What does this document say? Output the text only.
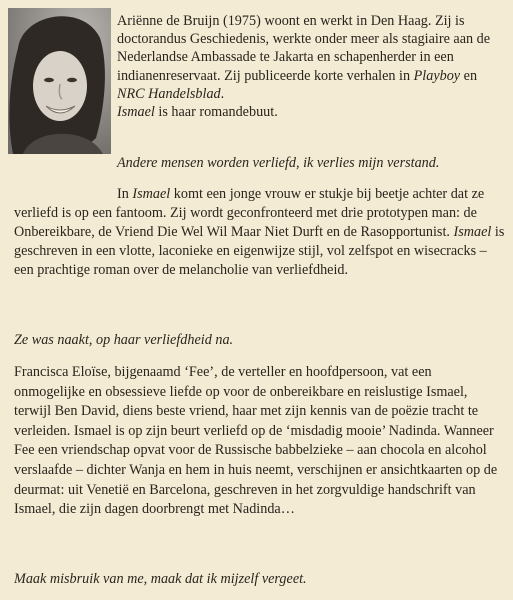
Ariënne de Bruijn (1975) woont en werkt in Den Haag. Zij is doctorandus Geschiedenis, werkte onder meer als stagiaire aan de Nederlandse Ambassade te Jakarta en schapenherder in een indianenreservaat. Zij publiceerde korte verhalen in Playboy en NRC Handelsblad.
Ismael is haar romandebuut.

Andere mensen worden verliefd, ik verlies mijn verstand.

In Ismael komt een jonge vrouw er stukje bij beetje achter dat ze verliefd is op een fantoom. Zij wordt geconfronteerd met drie prototypen man: de Onbereikbare, de Vriend Die Wel Wil Maar Niet Durft en de Rasopportunist. Ismael is geschreven in een vlotte, laconieke en eigenwijze stijl, vol zelfspot en wisecracks – een prachtige roman over de melancholie van verliefdheid.

Ze was naakt, op haar verliefdheid na.

Francisca Eloïse, bijgenaamd ‘Fee’, de verteller en hoofdpersoon, vat een onmogelijke en obsessieve liefde op voor de onbereikbare en reislustige Ismael, terwijl Ben David, diens beste vriend, haar met zijn kennis van de poëzie tracht te verleiden. Ismael is op zijn beurt verliefd op de ‘misdadig mooie’ Nadinda. Wanneer Fee een vriendschap opvat voor de Russische babbelzieke – aan chocola en alcohol verslaafde – dichter Wanja en hem in huis neemt, verschijnen er ansichtkaarten op de deurmat: uit Venetië en Barcelona, geschreven in het zorgvuldige handschrift van Ismael, die zijn dagen doorbrengt met Nadinda…

Maak misbruik van me, maak dat ik mijzelf vergeet.
